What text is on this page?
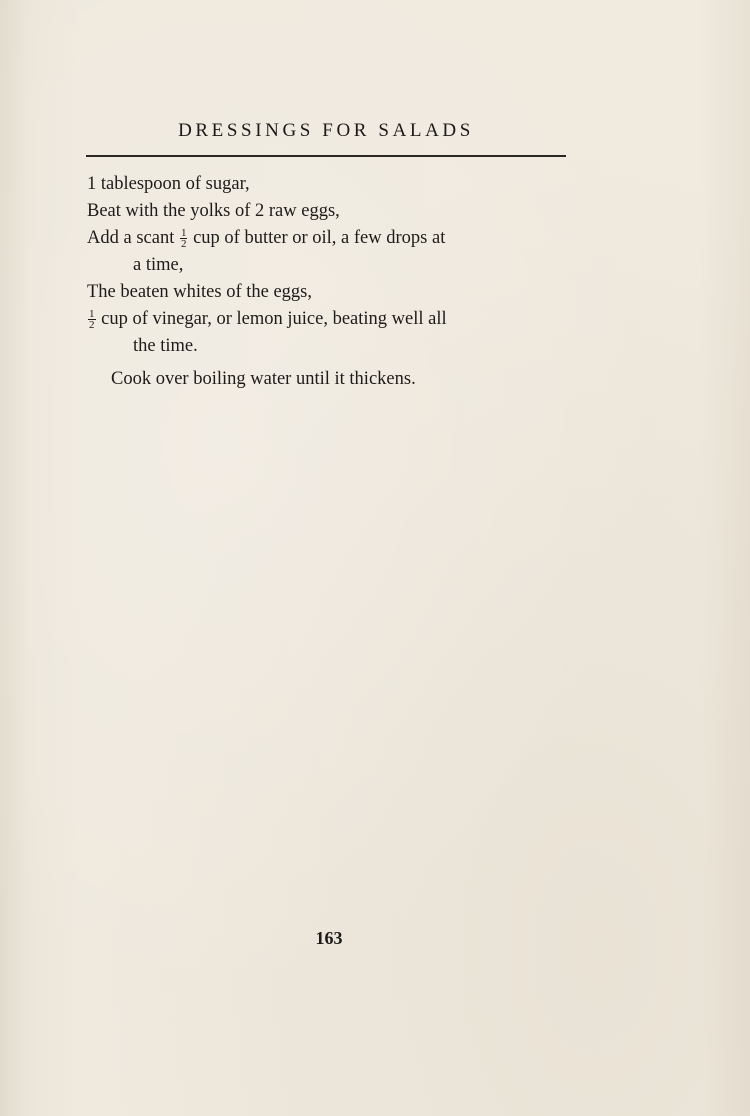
DRESSINGS FOR SALADS
1 tablespoon of sugar,
Beat with the yolks of 2 raw eggs,
Add a scant $\frac{1}{2}$ cup of butter or oil, a few drops at
a time,
The beaten whites of the eggs,
$\frac{1}{2}$ cup of vinegar, or lemon juice, beating well all
the time.
Cook over boiling water until it thickens.
163
